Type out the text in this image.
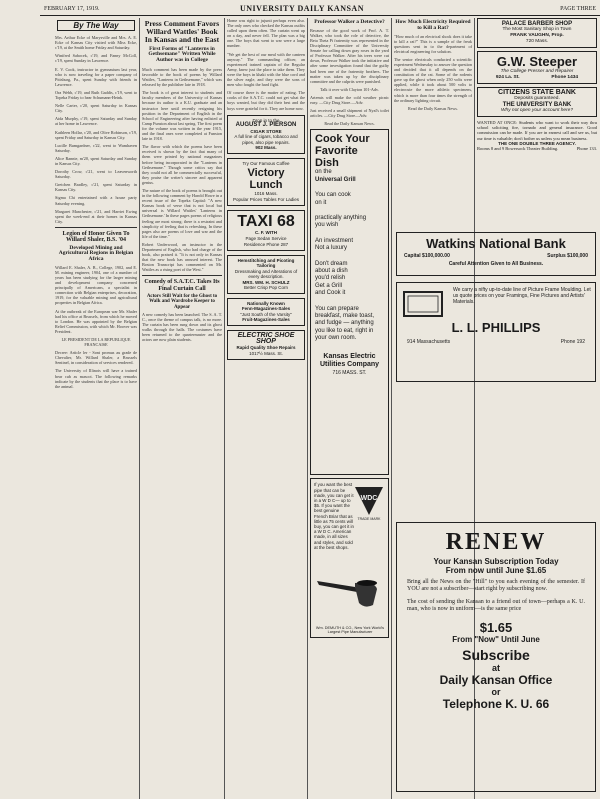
FEBRUARY 17, 1919.	UNIVERSITY DAILY KANSAN	PAGE THREE
By The Way

Mrs. Arthur Ecke of Marysville and Mrs. A. E. Ecke of Kansas City visited with Miss Ecke, c'19, at the Smith home Friday and Saturday.

Winifred Sabocek, c'19, and Fanny McColl, c'19, spent Sunday in Lawrence.

E. V. Cook, instructor in gymnasium last year, who is now traveling for a paper company of Pittsburg, Pa., spent Sunday with friends in Lawrence.

Ora Webb, c'19, and Ruth Gaddis, c'19, went to Topeka Friday to hear Schumann-Heink.

Nelle Carter, c'20, spent Saturday in Kansas City.

Aida Murphy, c'19, spent Saturday and Sunday at her home in Lawrence.

Kathleen Hollar, c'20, and Olive Robinson, c'19, spent Friday and Saturday in Kansas City.

Lucille Bumgardner, c'22, went to Wamhaven Saturday.

Alice Rannie, m'20, spent Saturday and Sunday in Kansas City.

Dorothy Crow, c'21, went to Leavenworth Saturday.

Gretchen Bradley, c'21, spent Saturday in Kansas City.

Sigma Chi entertained with a house party Saturday evening.

Margaret Manchester, c'21, and Harriet Ewing spent the week-end at their homes in Kansas City.

Legion of Honor Given To Willard Shaler, B.S. '04
Developed Mining and Agricultural Regions in Belgian Africa

Willard E. Shaler, A. B., College, 1902, and E. M. mining engineer, 1904, one of a number of years has been studying for the larger mining and development company concerned principally of Americans, a specialist in connection with Belgian enterprises, decoration, 1919, for the valuable mining and agricultural properties in Belgian Africa.

At the outbreak of the European war Mr. Shaler had his office at Brussels, from which he moved to London. He was appointed by the Belgian Relief Commission, with which Mr. Hoover was President.

LE PRESIDENT DE LA REPUBLIQUE FRANCAISE

Decree: Article ler - Sont promus au grade de Chevalier, Mr. Willard Shaler, a Brussels Sentinel, in consideration of services rendered.

The University of Illinois will have a trained bear cub as mascot. The following remarks indicate by the students that the place is to have the animal.

Press Comment Favors Willard Wattles' Book In Kansas and the East
First Forms of "Lanterns in Gethsemane" Written While Author was in College

Much comment has been made by the press favorable to the book of poems by Willard Wattles, "Lanterns in Gethsemane," which was released by the publisher late in 1918.

The book is of great interest to students and faculty members of the University of Kansas because its author is a K.U. graduate and an instructor here until recently resigning his position in the Department of English in the School of Engineering after having enlisted at Camp Funston about last spring. The first poem for the volume was written in the year 1915, and the final ones were completed at Funston late in 1918.

The flavor with which the poems have been received is shown by the fact that many of them were printed by national magazines before being incorporated in the "Lanterns in Gethsemane." Though some critics say that they could not all be commercially successful, they praise the writer's sincere and apparent genius.

The nature of the book of poems is brought out in the following comment by Harold Howe in a recent issue of the Topeka Capital: "A new Kansas book of verse that is not local but universal is Willard Wattles' 'Lanterns in Gethsemane.' In these pages poems of religious feeling are most strong; there is a restraint and simplicity of feeling that is refreshing. In these pages also are poems of love and war and the life of the time."

Robert Underwood, an instructor in the Department of English, who had charge of the book, also praised it. "It is not only in Kansas that the new book has aroused interest. The Boston Transcript has commented on Mr. Wattles as a rising poet of the West."

Comedy of S.A.T.C. Takes Its Final Curtain Call
Actors Still Wait for the Ghost to Walk and Wardrobe Keeper to Appear

A new comedy has been launched. The S. A. T. C., once the theme of campus talk, is no more. The curtain has been rung down and its ghost walks through the halls. The costumes have been returned to the quartermaster and the actors are now plain students.

Home was right to jujunti perhaps even also. The only ones who checked the Kansas outfits called upon them often. The curtain went up on a day, and never fell. The plan was a big one. The boys that went to war were a large number.

"We get the best of our meal with the canteen anyway." The commanding officer, an experienced trained captain of the Regular Army, knew just the place to take them. They were the boys in khaki with the blue cord and the silver eagle, and they were the sons of men who fought the hard fight.

Of course there is the matter of eating. The cooks of the S.A.T.C. could not get what the boys wanted, but they did their best and the boys were grateful for it. They are home now.

Drop in to the
AUGUST J. PIERSON
CIGAR STORE
A full line of cigars, tobacco and pipes, also pipe repairs.
902 Mass.
Try Our Famous Coffee
Victory Lunch
1016 Mass.
Popular Prices Tables For Ladies
TAXI 68
C. F. WITH
Page Sedan Service
Residence Phone 287
Hemstitching and Picoting
Tailoring
Dressmaking and Alterations of every description.
MRS. WM. H. SCHULZ
Better Crisp Pop Corn
Nationally Known
Fenn-Magazines-Sales
"Just South of the Varsity"
Fruit-Magazines-Sales
ELECTRIC SHOE SHOP
Rapid Quality Shoe Repairs
1017½ Mass. St.
Professor Walker a Detective?

Because of the good work of Prof. A. T. Walker, who took the role of detective, the Beta Theta Pi fraternity was represented in the Disciplinary Committee of the University Senate for calling down gray roses in the yard of Professor Walker. After his trees were cut down, Professor Walker took the initiative and after some investigation found that the guilty had been one of the fraternity brothers. The matter was taken up by the disciplinary committee and the culprits were punished.

Talk it over with Clayton 101-Adv.

Artemis will make the cold weather picnic easy. —City Drug Store.—Adv.

Just received a small shipment of Nyal's toilet articles. —City Drug Store—Adv.

Read the Daily Kansan News.

Cook Your
Favorite Dish
on the
Universal Grill
You can cook
on it
practically anything
you wish
An investment
Not a luxury
Don't dream
about a dish
you'd relish
Get a Grill
and Cook it
You can prepare breakfast, make toast, and fudge — anything you like to eat, right in your own room.
Kansas Electric
Utilities Company
716 MASS. ST.

If you want the best pipe that can be made, you can get it in a W D C— up to $5. If you want the best genuine French Briar that as little as 75 cents will buy, you can get it in a W D C. American made, in all sizes and styles, and sold at the best shops.

WDC
TRADE MARK

Wm. DEMUTH & CO., New York World's Largest Pipe Manufacturer

How Much Electricity Required to Kill a Rat?

"How much of an electrical shock does it take to kill a rat?" This is a sample of the freak questions sent in to the department of electrical engineering for solution.

The senior electricals conducted a scientific experiment Wednesday to answer the question and decided that it all depends on the constitution of the rat. Some of the rodents gave up the ghost when only 250 volts were applied, while it took about 500 volts to electrocute the more athletic specimens, which is more than four times the strength of the ordinary lighting circuit.

Read the Daily Kansas News.

PALACE BARBER SHOP
The Most Sanitary Shop in Town
FRANK VAUGHN, Prop.
720 Mass.
G.W. Steeper
The College Presser and Repairer
924 La. St.	Phone 1434
CITIZENS STATE BANK
Deposits guaranteed.
THE UNIVERSITY BANK
Why not open your account here?

WANTED AT ONCE: Students who want to work their way thru school soliciting fire, tornado and general insurance. Good commission can be made. If you are in earnest call and see us, but our time is valuable; don't bother us unless you mean business.

THE ONE DOUBLE THREE AGENCY.
Rooms 8 and 9 Bowersock Theater Building.	Phone 133.
Watkins National Bank
Capital $100,000.00	Surplus $100,000
Careful Attention Given to All Business.

We carry a nifty up-to-date line of Picture Frame Moulding. Let us quote prices on your Framings, Fine Pictures and Artists' Materials.

L. L. PHILLIPS
914 Massachusetts	Phone 192
RENEW
Your Kansan Subscription Today
From now until June $1.65

Bring all the News on the "Hill" to you each evening of the semester. If YOU are not a subscriber—start right by subscribing now.

The cost of sending the Kansan to a friend out of town—perhaps a K. U. man, who is now in uniform—is the same price

$1.65
From "Now" Until June
Subscribe
at
Daily Kansan Office
or
Telephone K. U. 66
